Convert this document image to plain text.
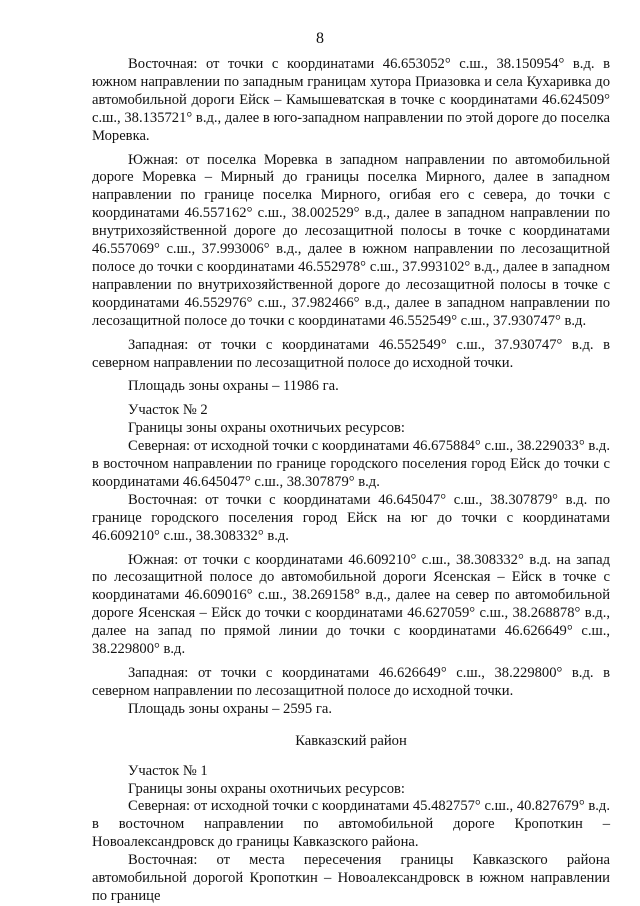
8

Восточная: от точки с координатами 46.653052° с.ш., 38.150954° в.д. в южном направлении по западным границам хутора Приазовка и села Кухаривка до автомобильной дороги Ейск – Камышеватская в точке с координатами 46.624509° с.ш., 38.135721° в.д., далее в юго-западном направлении по этой дороге до поселка Моревка.

Южная: от поселка Моревка в западном направлении по автомобильной дороге Моревка – Мирный до границы поселка Мирного, далее в западном направлении по границе поселка Мирного, огибая его с севера, до точки с координатами 46.557162° с.ш., 38.002529° в.д., далее в западном направлении по внутрихозяйственной дороге до лесозащитной полосы в точке с координатами 46.557069° с.ш., 37.993006° в.д., далее в южном направлении по лесозащитной полосе до точки с координатами 46.552978° с.ш., 37.993102° в.д., далее в западном направлении по внутрихозяйственной дороге до лесозащитной полосы в точке с координатами 46.552976° с.ш., 37.982466° в.д., далее в западном направлении по лесозащитной полосе до точки с координатами 46.552549° с.ш., 37.930747° в.д.

Западная: от точки с координатами 46.552549° с.ш., 37.930747° в.д. в северном направлении по лесозащитной полосе до исходной точки.

Площадь зоны охраны – 11986 га.

Участок № 2

Границы зоны охраны охотничьих ресурсов:

Северная: от исходной точки с координатами 46.675884° с.ш., 38.229033° в.д. в восточном направлении по границе городского поселения город Ейск до точки с координатами 46.645047° с.ш., 38.307879° в.д.

Восточная: от точки с координатами 46.645047° с.ш., 38.307879° в.д. по границе городского поселения город Ейск на юг до точки с координатами 46.609210° с.ш., 38.308332° в.д.

Южная: от точки с координатами 46.609210° с.ш., 38.308332° в.д. на запад по лесозащитной полосе до автомобильной дороги Ясенская – Ейск в точке с координатами 46.609016° с.ш., 38.269158° в.д., далее на север по автомобильной дороге Ясенская – Ейск до точки с координатами 46.627059° с.ш., 38.268878° в.д., далее на запад по прямой линии до точки с координатами 46.626649° с.ш., 38.229800° в.д.

Западная: от точки с координатами 46.626649° с.ш., 38.229800° в.д. в северном направлении по лесозащитной полосе до исходной точки.

Площадь зоны охраны – 2595 га.

Кавказский район

Участок № 1

Границы зоны охраны охотничьих ресурсов:

Северная: от исходной точки с координатами 45.482757° с.ш., 40.827679° в.д. в восточном направлении по автомобильной дороге Кропоткин – Новоалександровск до границы Кавказского района.

Восточная: от места пересечения границы Кавказского района автомобильной дорогой Кропоткин – Новоалександровск в южном направлении по границе
